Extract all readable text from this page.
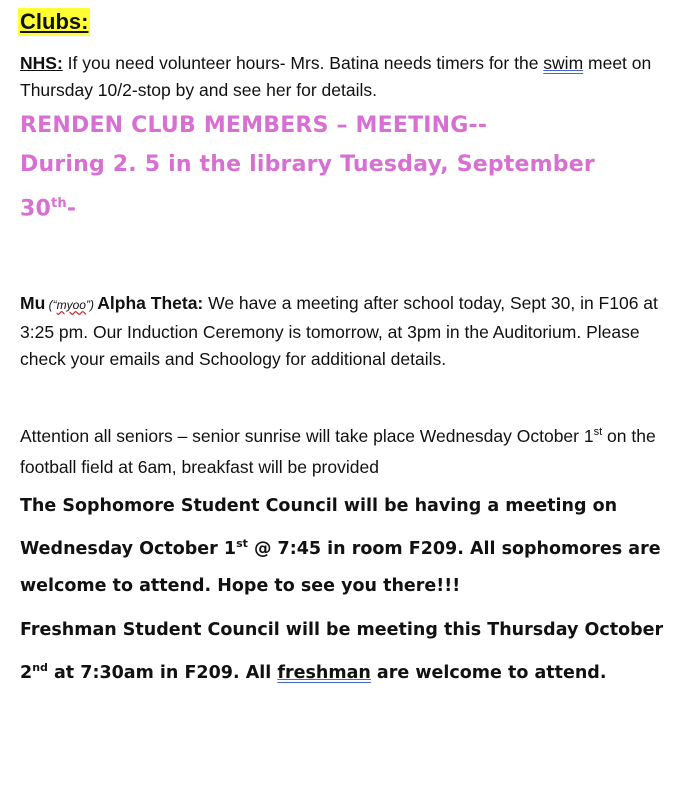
Clubs:

NHS: If you need volunteer hours- Mrs. Batina needs timers for the swim meet on Thursday 10/2-stop by and see her for details.

RENDEN CLUB MEMBERS – MEETING--
During 2. 5 in the library Tuesday, September
30th-

Mu (“myoo”) Alpha Theta: We have a meeting after school today, Sept 30, in F106 at 3:25 pm. Our Induction Ceremony is tomorrow, at 3pm in the Auditorium. Please check your emails and Schoology for additional details.

Attention all seniors – senior sunrise will take place Wednesday October 1st on the football field at 6am, breakfast will be provided

The Sophomore Student Council will be having a meeting on Wednesday October 1st @ 7:45 in room F209. All sophomores are welcome to attend. Hope to see you there!!!

Freshman Student Council will be meeting this Thursday October 2nd at 7:30am in F209. All freshman are welcome to attend.
